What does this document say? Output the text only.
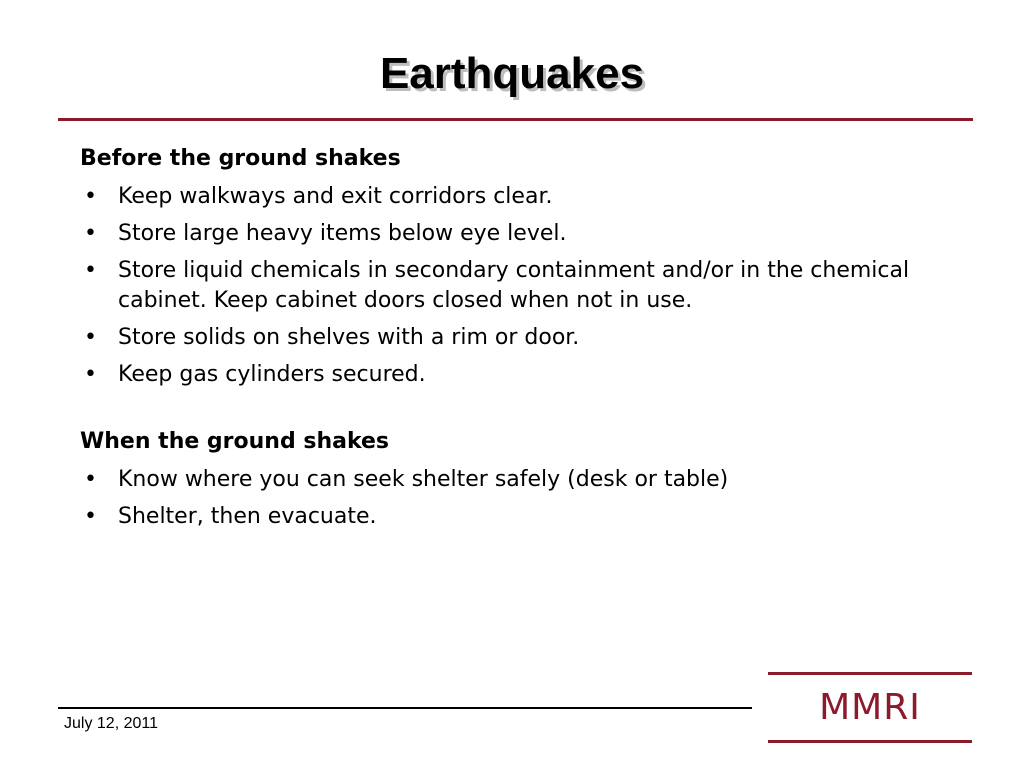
Earthquakes

Before the ground shakes

• Keep walkways and exit corridors clear.
• Store large heavy items below eye level.
• Store liquid chemicals in secondary containment and/or in the chemical cabinet. Keep cabinet doors closed when not in use.
• Store solids on shelves with a rim or door.
• Keep gas cylinders secured.

When the ground shakes

• Know where you can seek shelter safely (desk or table)
• Shelter, then evacuate.
MMRI
July 12, 2011
